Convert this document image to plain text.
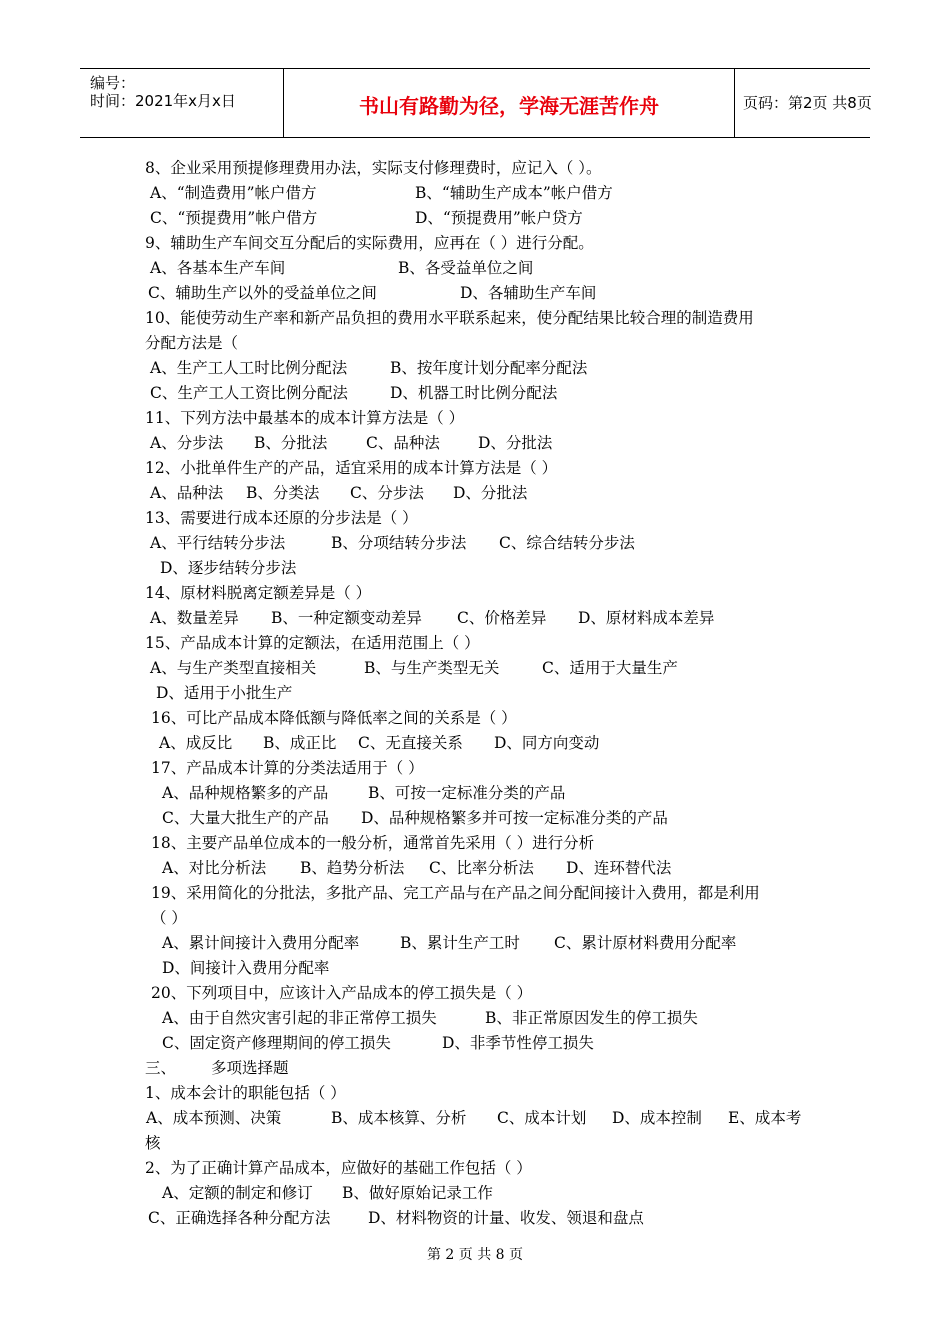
编号：
时间：2021年x月x日	书山有路勤为径，学海无涯苦作舟	页码：第2页 共8页
8、企业采用预提修理费用办法，实际支付修理费时，应记入（ ）。
A、“制造费用”帐户借方	B、“辅助生产成本”帐户借方
C、“预提费用”帐户借方	D、“预提费用”帐户贷方
9、辅助生产车间交互分配后的实际费用，应再在（ ）进行分配。
A、各基本生产车间	B、各受益单位之间
C、辅助生产以外的受益单位之间	D、各辅助生产车间
10、能使劳动生产率和新产品负担的费用水平联系起来，使分配结果比较合理的制造费用
分配方法是（
A、生产工人工时比例分配法	B、按年度计划分配率分配法
C、生产工人工资比例分配法	D、机器工时比例分配法
11、下列方法中最基本的成本计算方法是（ ）
A、分步法 B、分批法 C、品种法 D、分批法
12、小批单件生产的产品，适宜采用的成本计算方法是（ ）
A、品种法 B、分类法 C、分步法 D、分批法
13、需要进行成本还原的分步法是（ ）
A、平行结转分步法	B、分项结转分步法 C、综合结转分步法
D、逐步结转分步法
14、原材料脱离定额差异是（ ）
A、数量差异 B、一种定额变动差异 C、价格差异 D、原材料成本差异
15、产品成本计算的定额法，在适用范围上（ ）
A、与生产类型直接相关	B、与生产类型无关	C、适用于大量生产
D、适用于小批生产
16、可比产品成本降低额与降低率之间的关系是（ ）
A、成反比 B、成正比 C、无直接关系 D、同方向变动
17、产品成本计算的分类法适用于（ ）
A、品种规格繁多的产品	B、可按一定标准分类的产品
C、大量大批生产的产品 D、品种规格繁多并可按一定标准分类的产品
18、主要产品单位成本的一般分析，通常首先采用（ ）进行分析
A、对比分析法 B、趋势分析法 C、比率分析法 D、连环替代法
19、采用简化的分批法，多批产品、完工产品与在产品之间分配间接计入费用，都是利用
（ ）
A、累计间接计入费用分配率	B、累计生产工时 C、累计原材料费用分配率
D、间接计入费用分配率
20、下列项目中，应该计入产品成本的停工损失是（ ）
A、由于自然灾害引起的非正常停工损失	B、非正常原因发生的停工损失
C、固定资产修理期间的停工损失	D、非季节性停工损失
三、 多项选择题
1、成本会计的职能包括（ ）
A、成本预测、决策	B、成本核算、分析 C、成本计划 D、成本控制 E、成本考
核
2、为了正确计算产品成本，应做好的基础工作包括（ ）
A、定额的制定和修订 B、做好原始记录工作
C、正确选择各种分配方法 D、材料物资的计量、收发、领退和盘点
第 2 页 共 8 页
